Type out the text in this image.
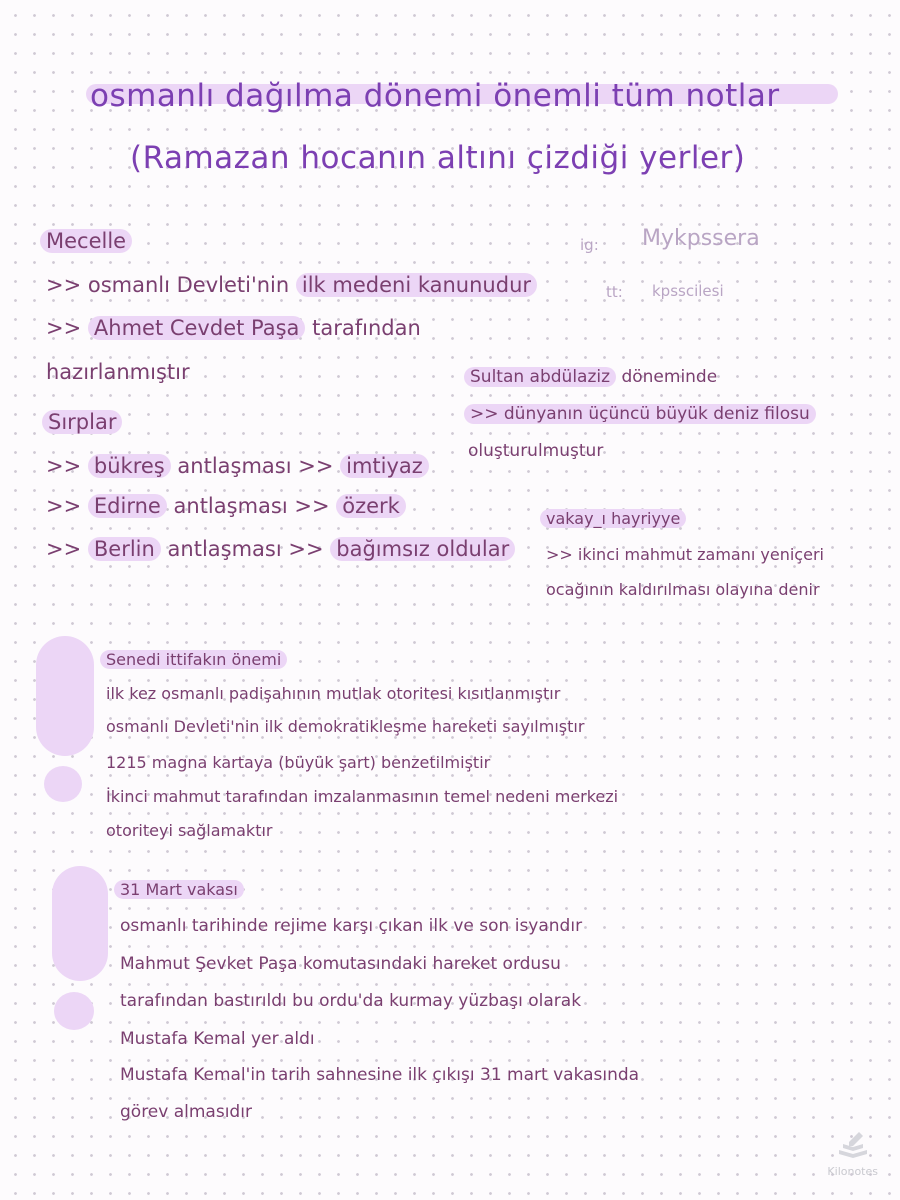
osmanlı dağılma dönemi önemli tüm notlar
(Ramazan hocanın altını çizdiği yerler)
ig: Mykpssera
tt: kpsscilesi
Mecelle
>> osmanlı Devleti'nin ilk medeni kanunudur
>> Ahmet Cevdet Paşa tarafından
hazırlanmıştır
Sırplar
>> bükreş antlaşması >> imtiyaz
>> Edirne antlaşması >> özerk
>> Berlin antlaşması >> bağımsız oldular
Sultan abdülaziz döneminde
>> dünyanın üçüncü büyük deniz filosu
oluşturulmuştur
vakay_ı hayriyye
>> ikinci mahmut zamanı yeniçeri
ocağının kaldırılması olayına denir
Senedi ittifakın önemi
ilk kez osmanlı padişahının mutlak otoritesi kısıtlanmıştır
osmanlı Devleti'nin ilk demokratikleşme hareketi sayılmıştır
1215 magna kartaya (büyük şart) benzetilmiştir
İkinci mahmut tarafından imzalanmasının temel nedeni merkezi
otoriteyi sağlamaktır
31 Mart vakası
osmanlı tarihinde rejime karşı çıkan ilk ve son isyandır
Mahmut Şevket Paşa komutasındaki hareket ordusu
tarafından bastırıldı bu ordu'da kurmay yüzbaşı olarak
Mustafa Kemal yer aldı
Mustafa Kemal'in tarih sahnesine ilk çıkışı 31 mart vakasında
görev almasıdır
Kilonotes
